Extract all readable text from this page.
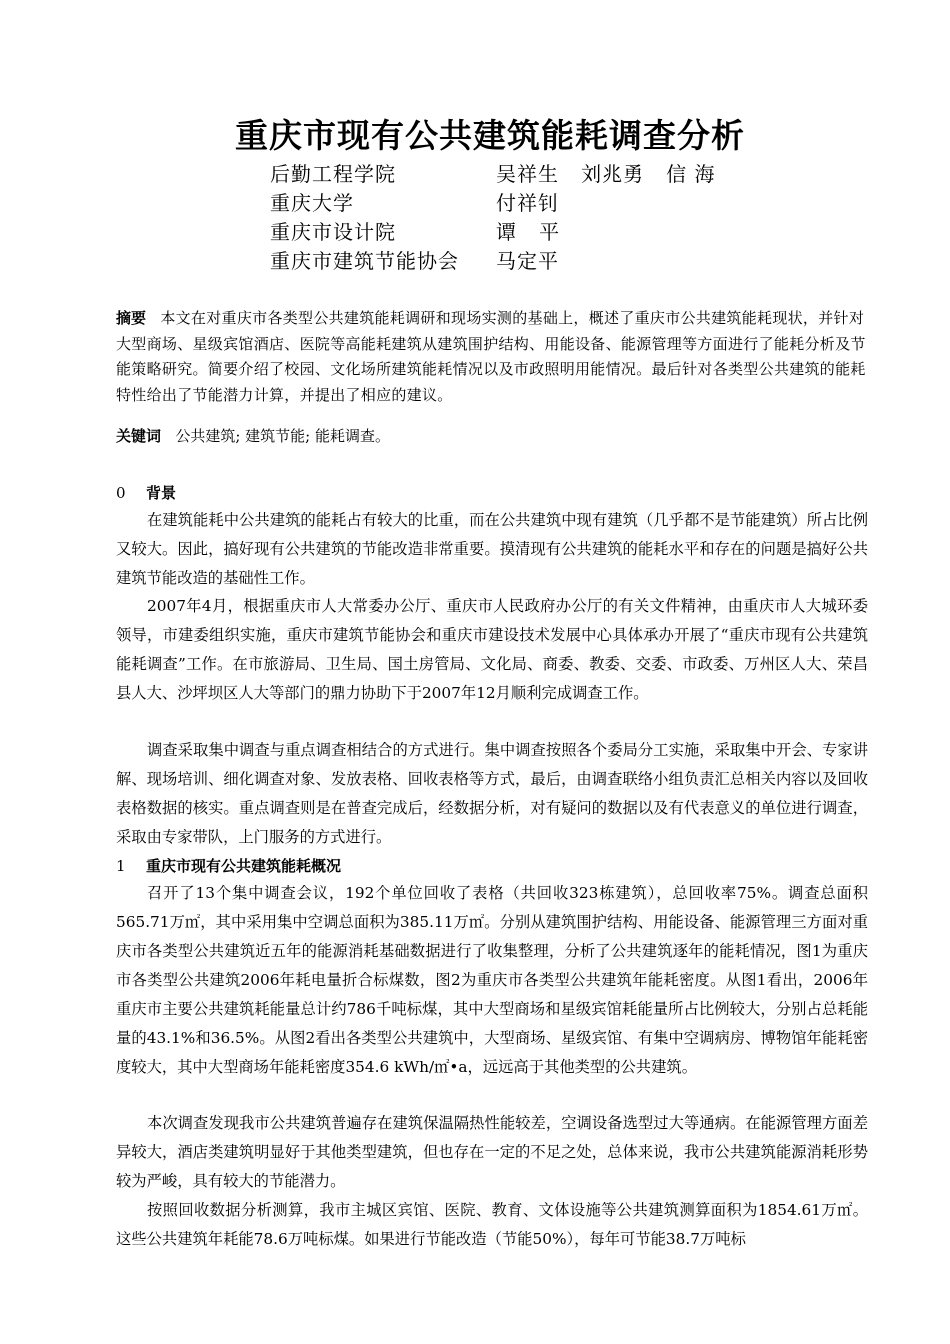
重庆市现有公共建筑能耗调查分析
后勤工程学院	吴祥生   刘兆勇   信 海
重庆大学	付祥钊
重庆市设计院	谭   平
重庆市建筑节能协会	马定平
摘要 本文在对重庆市各类型公共建筑能耗调研和现场实测的基础上，概述了重庆市公共建筑能耗现状，并针对大型商场、星级宾馆酒店、医院等高能耗建筑从建筑围护结构、用能设备、能源管理等方面进行了能耗分析及节能策略研究。简要介绍了校园、文化场所建筑能耗情况以及市政照明用能情况。最后针对各类型公共建筑的能耗特性给出了节能潜力计算，并提出了相应的建议。
关键词 公共建筑; 建筑节能; 能耗调查。
0 背景
在建筑能耗中公共建筑的能耗占有较大的比重，而在公共建筑中现有建筑（几乎都不是节能建筑）所占比例又较大。因此，搞好现有公共建筑的节能改造非常重要。摸清现有公共建筑的能耗水平和存在的问题是搞好公共建筑节能改造的基础性工作。
2007年4月，根据重庆市人大常委办公厅、重庆市人民政府办公厅的有关文件精神，由重庆市人大城环委领导，市建委组织实施，重庆市建筑节能协会和重庆市建设技术发展中心具体承办开展了“重庆市现有公共建筑能耗调查”工作。在市旅游局、卫生局、国土房管局、文化局、商委、教委、交委、市政委、万州区人大、荣昌县人大、沙坪坝区人大等部门的鼎力协助下于2007年12月顺利完成调查工作。
调查采取集中调查与重点调查相结合的方式进行。集中调查按照各个委局分工实施，采取集中开会、专家讲解、现场培训、细化调查对象、发放表格、回收表格等方式，最后，由调查联络小组负责汇总相关内容以及回收表格数据的核实。重点调查则是在普查完成后，经数据分析，对有疑问的数据以及有代表意义的单位进行调查，采取由专家带队，上门服务的方式进行。
1 重庆市现有公共建筑能耗概况
召开了13个集中调查会议，192个单位回收了表格（共回收323栋建筑），总回收率75%。调查总面积565.71万㎡，其中采用集中空调总面积为385.11万㎡。分别从建筑围护结构、用能设备、能源管理三方面对重庆市各类型公共建筑近五年的能源消耗基础数据进行了收集整理，分析了公共建筑逐年的能耗情况，图1为重庆市各类型公共建筑2006年耗电量折合标煤数，图2为重庆市各类型公共建筑年能耗密度。从图1看出，2006年重庆市主要公共建筑耗能量总计约786千吨标煤，其中大型商场和星级宾馆耗能量所占比例较大，分别占总耗能量的43.1%和36.5%。从图2看出各类型公共建筑中，大型商场、星级宾馆、有集中空调病房、博物馆年能耗密度较大，其中大型商场年能耗密度354.6 kWh/㎡•a，远远高于其他类型的公共建筑。
本次调查发现我市公共建筑普遍存在建筑保温隔热性能较差，空调设备选型过大等通病。在能源管理方面差异较大，酒店类建筑明显好于其他类型建筑，但也存在一定的不足之处，总体来说，我市公共建筑能源消耗形势较为严峻，具有较大的节能潜力。
按照回收数据分析测算，我市主城区宾馆、医院、教育、文体设施等公共建筑测算面积为1854.61万㎡。这些公共建筑年耗能78.6万吨标煤。如果进行节能改造（节能50%），每年可节能38.7万吨标
